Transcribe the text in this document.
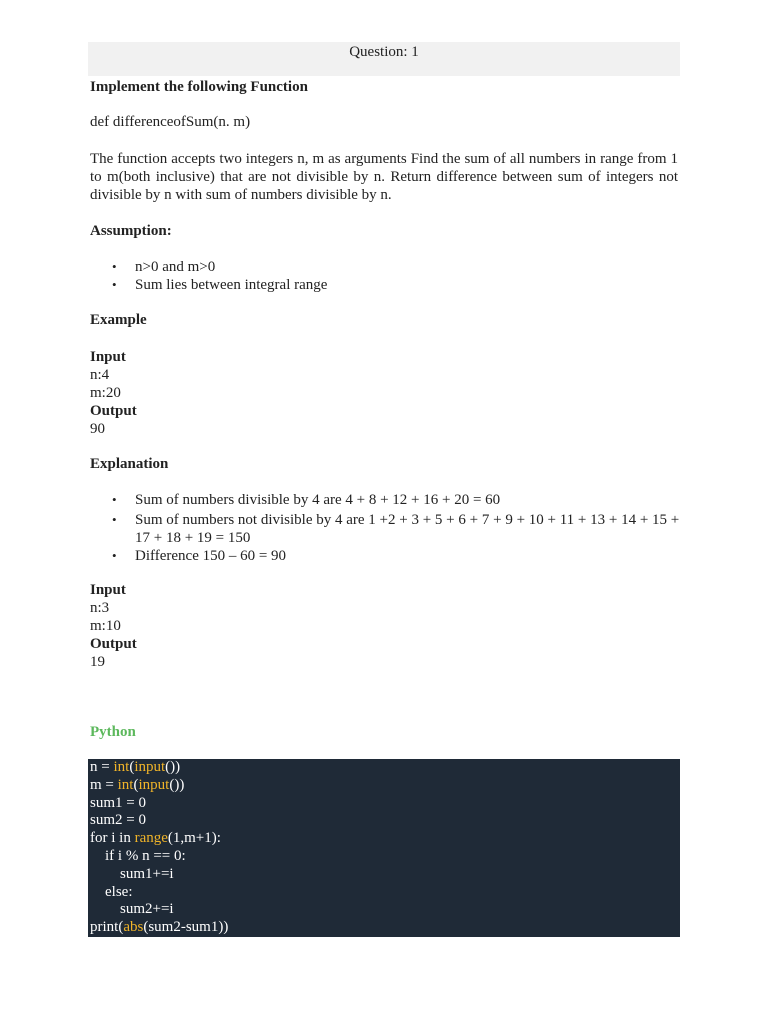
Question: 1
Implement the following Function
def differenceofSum(n. m)
The function accepts two integers n, m as arguments Find the sum of all numbers in range from 1 to m(both inclusive) that are not divisible by n. Return difference between sum of integers not divisible by n with sum of numbers divisible by n.
Assumption:
• n>0 and m>0
• Sum lies between integral range
Example
Input
n:4
m:20
Output
90
Explanation
• Sum of numbers divisible by 4 are 4 + 8 + 12 + 16 + 20 = 60
• Sum of numbers not divisible by 4 are 1 +2 + 3 + 5 + 6 + 7 + 9 + 10 + 11 + 13 + 14 + 15 + 17 + 18 + 19 = 150
• Difference 150 – 60 = 90
Input
n:3
m:10
Output
19
Python
n = int(input())
m = int(input())
sum1 = 0
sum2 = 0
for i in range(1,m+1):
if i % n == 0:
sum1+=i
else:
sum2+=i
print(abs(sum2-sum1))
